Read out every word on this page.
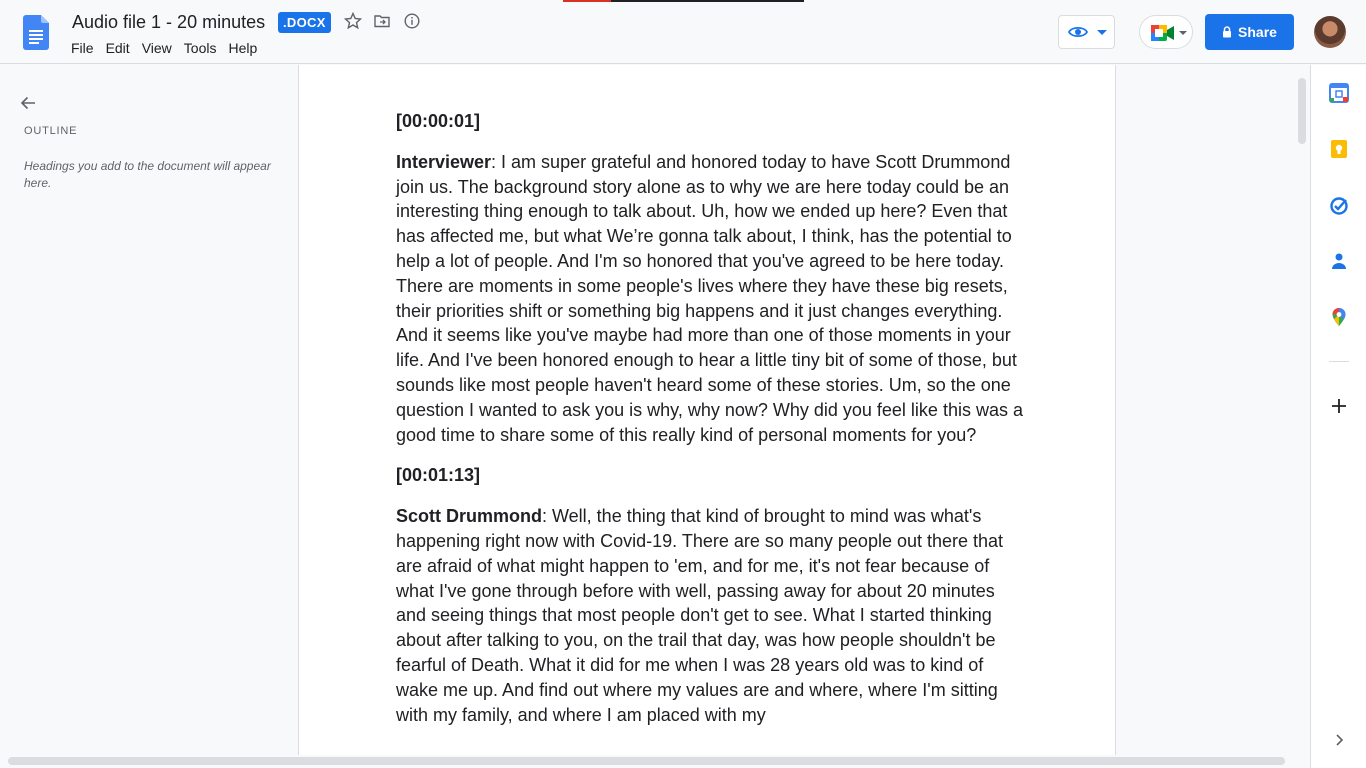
Audio file 1 - 20 minutes	.DOCX
File Edit View Tools Help
Share
OUTLINE
Headings you add to the document will appear here.

[00:00:01]

Interviewer: I am super grateful and honored today to have Scott Drummond join us. The background story alone as to why we are here today could be an interesting thing enough to talk about. Uh, how we ended up here? Even that has affected me, but what We’re gonna talk about, I think, has the potential to help a lot of people. And I'm so honored that you've agreed to be here today. There are moments in some people's lives where they have these big resets, their priorities shift or something big happens and it just changes everything. And it seems like you've maybe had more than one of those moments in your life. And I've been honored enough to hear a little tiny bit of some of those, but sounds like most people haven't heard some of these stories. Um, so the one question I wanted to ask you is why, why now? Why did you feel like this was a good time to share some of this really kind of personal moments for you?

[00:01:13]

Scott Drummond: Well, the thing that kind of brought to mind was what's happening right now with Covid-19. There are so many people out there that are afraid of what might happen to 'em, and for me, it's not fear because of what I've gone through before with well, passing away for about 20 minutes and seeing things that most people don't get to see. What I started thinking about after talking to you, on the trail that day, was how people shouldn't be fearful of Death. What it did for me when I was 28 years old was to kind of wake me up. And find out where my values are and where, where I'm sitting with my family, and where I am placed with my
